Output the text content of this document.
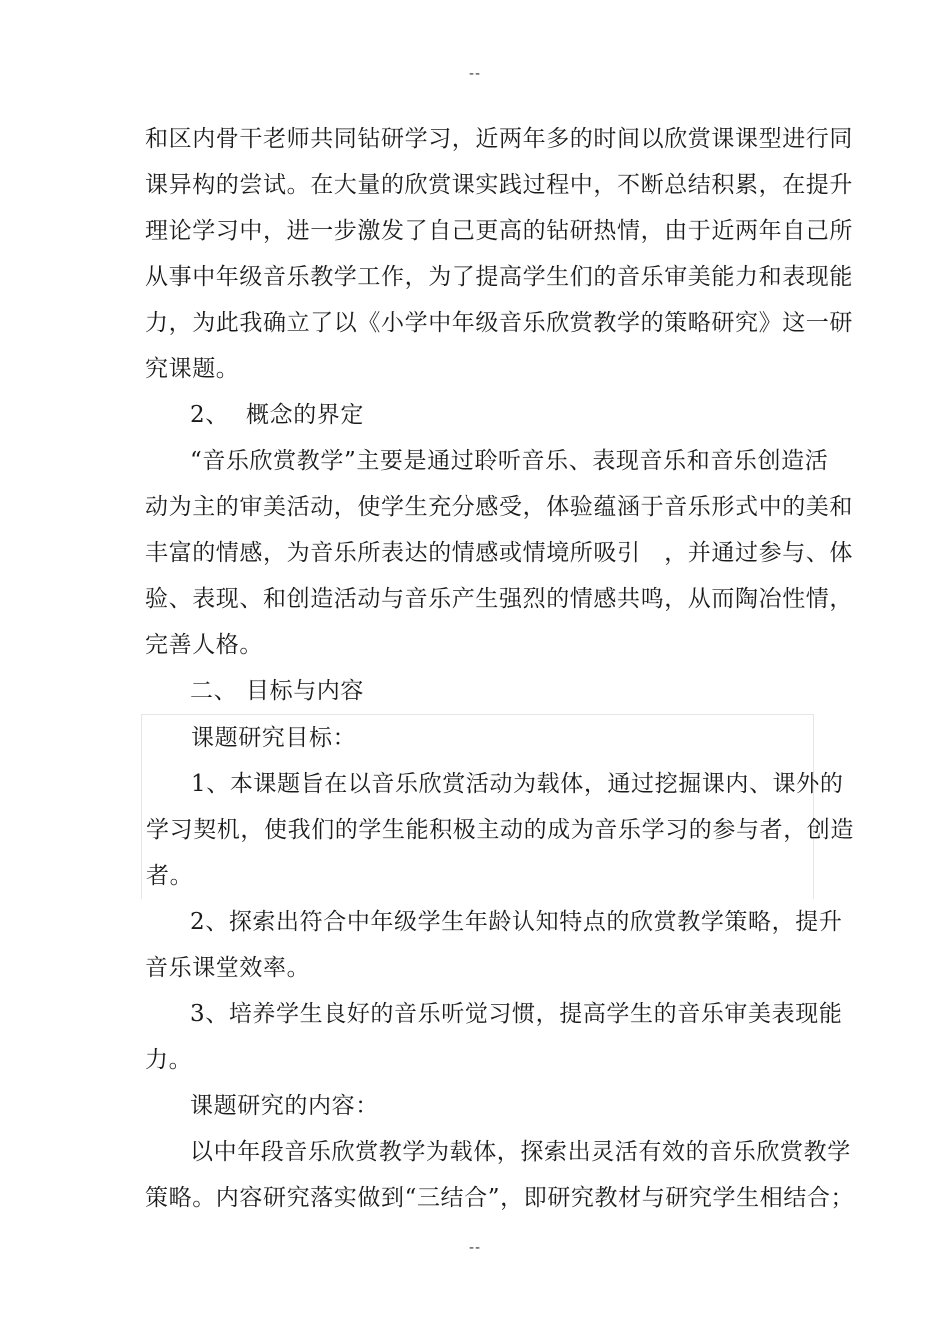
--
和区内骨干老师共同钻研学习，近两年多的时间以欣赏课课型进行同
课异构的尝试。在大量的欣赏课实践过程中，不断总结积累，在提升
理论学习中，进一步激发了自己更高的钻研热情，由于近两年自己所
从事中年级音乐教学工作，为了提高学生们的音乐审美能力和表现能
力，为此我确立了以《小学中年级音乐欣赏教学的策略研究》这一研
究课题。
2、 概念的界定
“音乐欣赏教学”主要是通过聆听音乐、表现音乐和音乐创造活
动为主的审美活动，使学生充分感受，体验蕴涵于音乐形式中的美和
丰富的情感，为音乐所表达的情感或情境所吸引　，并通过参与、体
验、表现、和创造活动与音乐产生强烈的情感共鸣，从而陶冶性情，
完善人格。
二、 目标与内容
课题研究目标：
1、本课题旨在以音乐欣赏活动为载体，通过挖掘课内、课外的
学习契机，使我们的学生能积极主动的成为音乐学习的参与者，创造
者。
2、探索出符合中年级学生年龄认知特点的欣赏教学策略，提升
音乐课堂效率。
3、培养学生良好的音乐听觉习惯，提高学生的音乐审美表现能
力。
课题研究的内容：
以中年段音乐欣赏教学为载体，探索出灵活有效的音乐欣赏教学
策略。内容研究落实做到“三结合”，即研究教材与研究学生相结合；
--
